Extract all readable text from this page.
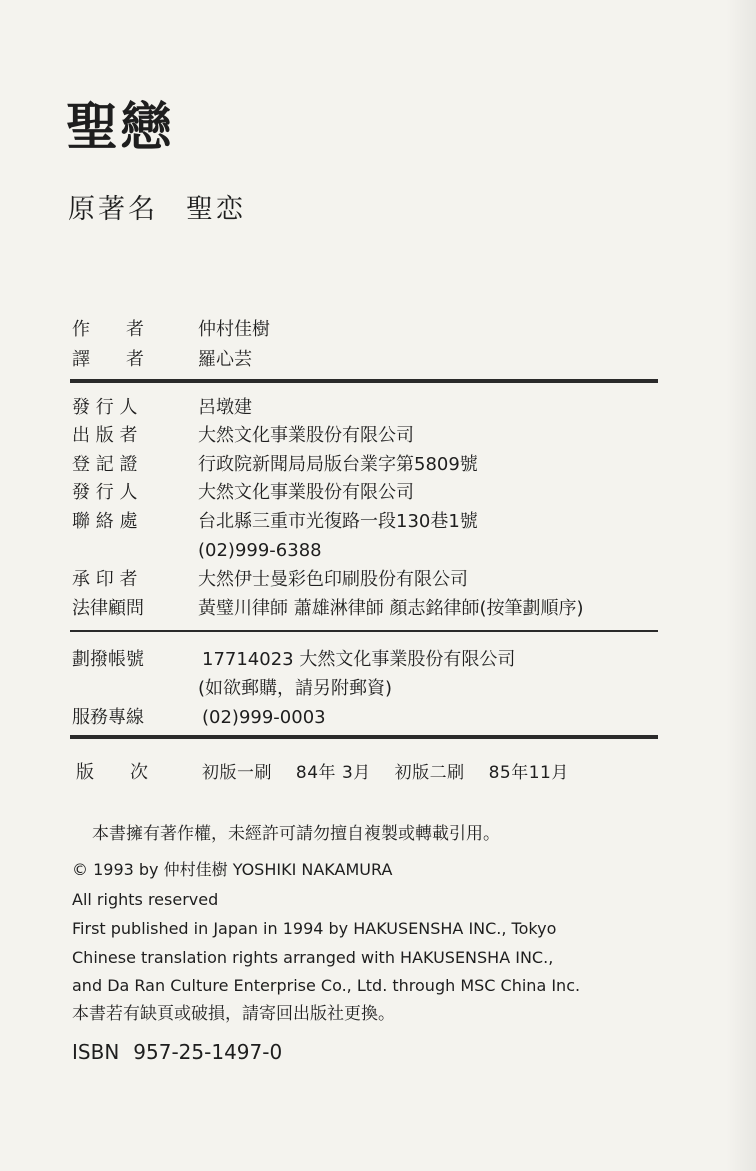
聖戀
原著名 聖恋
作　　者	仲村佳樹
譯　　者	羅心芸
發 行 人	呂墩建
出 版 者	大然文化事業股份有限公司
登 記 證	行政院新聞局局版台業字第5809號
發 行 人	大然文化事業股份有限公司
聯 絡 處	台北縣三重市光復路一段130巷1號
(02)999-6388
承 印 者	大然伊士曼彩色印刷股份有限公司
法律顧問	黃璧川律師 蕭雄淋律師 顏志銘律師(按筆劃順序)
劃撥帳號	17714023 大然文化事業股份有限公司
(如欲郵購，請另附郵資)
服務專線	(02)999-0003
版　　次	初版一刷 84年 3月 初版二刷 85年11月
本書擁有著作權，未經許可請勿擅自複製或轉載引用。
© 1993 by 仲村佳樹 YOSHIKI NAKAMURA
All rights reserved
First published in Japan in 1994 by HAKUSENSHA INC., Tokyo
Chinese translation rights arranged with HAKUSENSHA INC.,
and Da Ran Culture Enterprise Co., Ltd. through MSC China Inc.
本書若有缺頁或破損，請寄回出版社更換。
ISBN 957-25-1497-0
